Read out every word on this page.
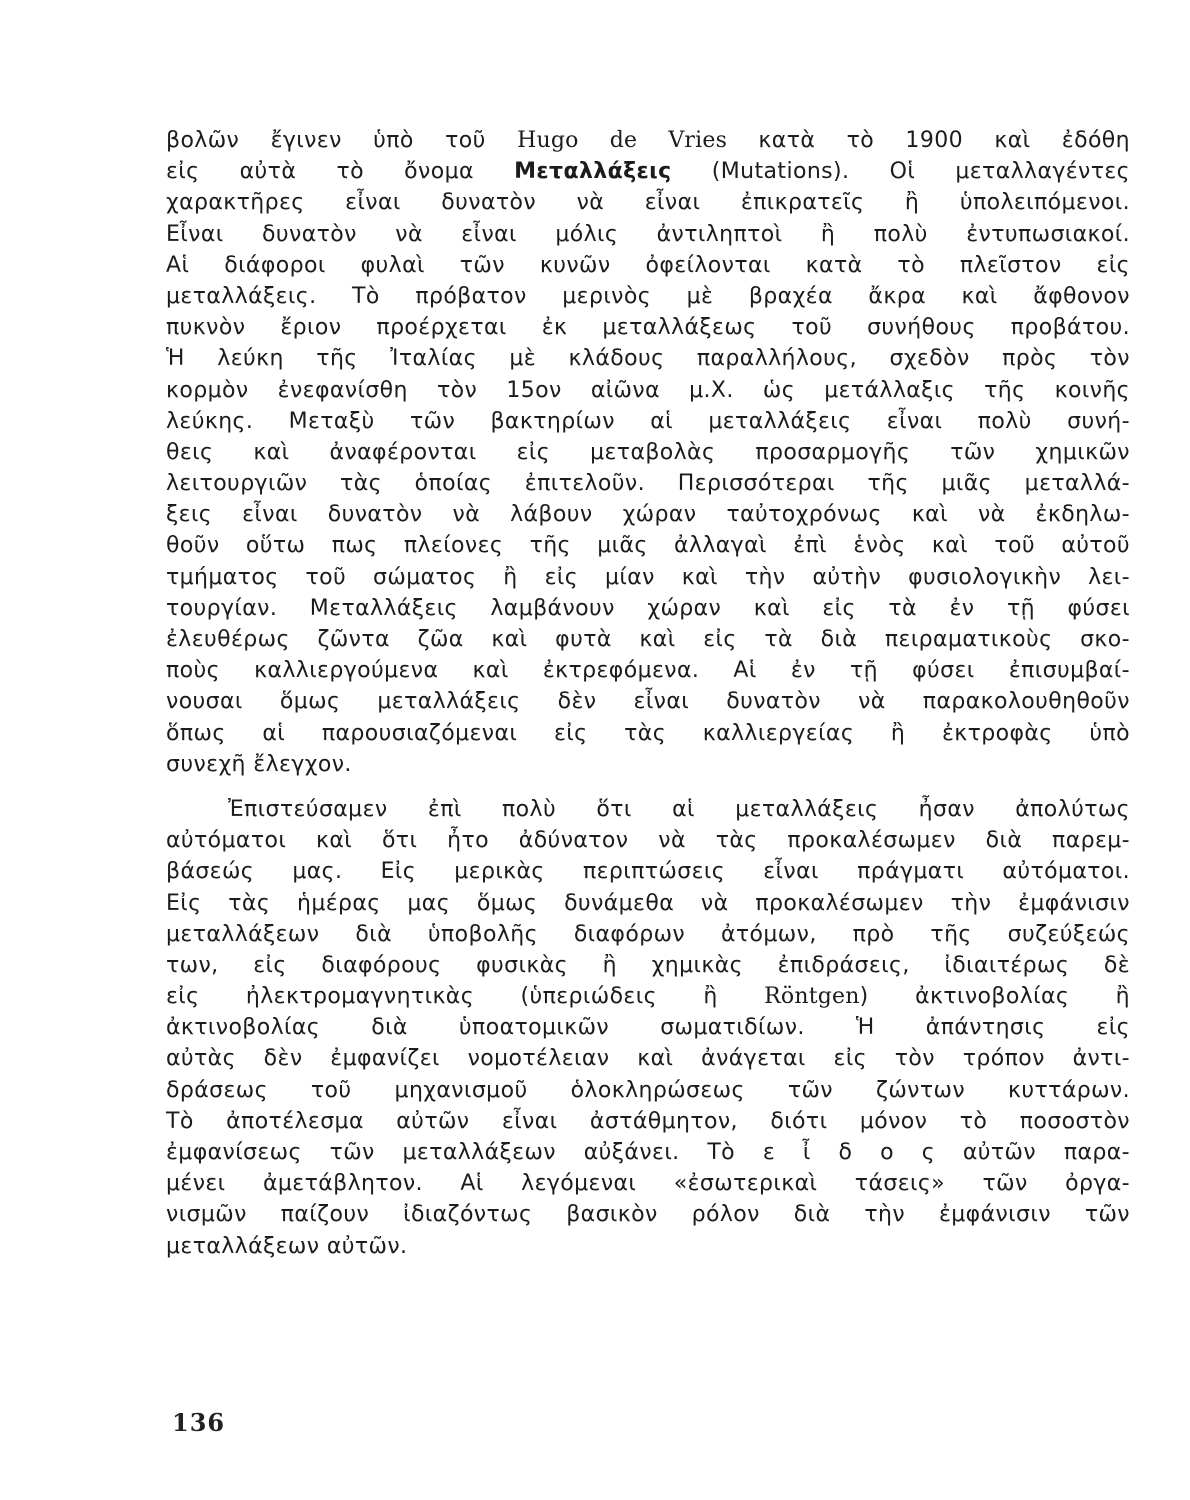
βολῶν ἔγινεν ὑπὸ τοῦ Hugo de Vries κατὰ τὸ 1900 καὶ ἐδόθη
εἰς αὐτὰ τὸ ὄνομα Μεταλλάξεις (Mutations). Οἱ μεταλλαγέντες
χαρακτῆρες εἶναι δυνατὸν νὰ εἶναι ἐπικρατεῖς ἢ ὑπολειπόμενοι.
Εἶναι δυνατὸν νὰ εἶναι μόλις ἀντιληπτοὶ ἢ πολὺ ἐντυπωσιακοί.
Αἱ διάφοροι φυλαὶ τῶν κυνῶν ὀφείλονται κατὰ τὸ πλεῖστον εἰς
μεταλλάξεις. Τὸ πρόβατον μερινὸς μὲ βραχέα ἄκρα καὶ ἄφθονον
πυκνὸν ἔριον προέρχεται ἐκ μεταλλάξεως τοῦ συνήθους προβάτου.
Ἡ λεύκη τῆς Ἰταλίας μὲ κλάδους παραλλήλους, σχεδὸν πρὸς τὸν
κορμὸν ἐνεφανίσθη τὸν 15ον αἰῶνα μ.Χ. ὡς μετάλλαξις τῆς κοινῆς
λεύκης. Μεταξὺ τῶν βακτηρίων αἱ μεταλλάξεις εἶναι πολὺ συνή-
θεις καὶ ἀναφέρονται εἰς μεταβολὰς προσαρμογῆς τῶν χημικῶν
λειτουργιῶν τὰς ὁποίας ἐπιτελοῦν. Περισσότεραι τῆς μιᾶς μεταλλά-
ξεις εἶναι δυνατὸν νὰ λάβουν χώραν ταὐτοχρόνως καὶ νὰ ἐκδηλω-
θοῦν οὕτω πως πλείονες τῆς μιᾶς ἀλλαγαὶ ἐπὶ ἑνὸς καὶ τοῦ αὐτοῦ
τμήματος τοῦ σώματος ἢ εἰς μίαν καὶ τὴν αὐτὴν φυσιολογικὴν λει-
τουργίαν. Μεταλλάξεις λαμβάνουν χώραν καὶ εἰς τὰ ἐν τῇ φύσει
ἐλευθέρως ζῶντα ζῶα καὶ φυτὰ καὶ εἰς τὰ διὰ πειραματικοὺς σκο-
ποὺς καλλιεργούμενα καὶ ἐκτρεφόμενα. Αἱ ἐν τῇ φύσει ἐπισυμβαί-
νουσαι ὅμως μεταλλάξεις δὲν εἶναι δυνατὸν νὰ παρακολουθηθοῦν
ὅπως αἱ παρουσιαζόμεναι εἰς τὰς καλλιεργείας ἢ ἐκτροφὰς ὑπὸ
συνεχῆ ἔλεγχον.
Ἐπιστεύσαμεν ἐπὶ πολὺ ὅτι αἱ μεταλλάξεις ἦσαν ἀπολύτως
αὐτόματοι καὶ ὅτι ἦτο ἀδύνατον νὰ τὰς προκαλέσωμεν διὰ παρεμ-
βάσεώς μας. Εἰς μερικὰς περιπτώσεις εἶναι πράγματι αὐτόματοι.
Εἰς τὰς ἡμέρας μας ὅμως δυνάμεθα νὰ προκαλέσωμεν τὴν ἐμφάνισιν
μεταλλάξεων διὰ ὑποβολῆς διαφόρων ἀτόμων, πρὸ τῆς συζεύξεώς
των, εἰς διαφόρους φυσικὰς ἢ χημικὰς ἐπιδράσεις, ἰδιαιτέρως δὲ
εἰς ἠλεκτρομαγνητικὰς (ὑπεριώδεις ἢ Röntgen) ἀκτινοβολίας ἢ
ἀκτινοβολίας διὰ ὑποατομικῶν σωματιδίων. Ἡ ἀπάντησις εἰς
αὐτὰς δὲν ἐμφανίζει νομοτέλειαν καὶ ἀνάγεται εἰς τὸν τρόπον ἀντι-
δράσεως τοῦ μηχανισμοῦ ὁλοκληρώσεως τῶν ζώντων κυττάρων.
Τὸ ἀποτέλεσμα αὐτῶν εἶναι ἀστάθμητον, διότι μόνον τὸ ποσοστὸν
ἐμφανίσεως τῶν μεταλλάξεων αὐξάνει. Τὸ ε ἶ δ ο ς αὐτῶν παρα-
μένει ἀμετάβλητον. Αἱ λεγόμεναι «ἐσωτερικαὶ τάσεις» τῶν ὀργα-
νισμῶν παίζουν ἰδιαζόντως βασικὸν ρόλον διὰ τὴν ἐμφάνισιν τῶν
μεταλλάξεων αὐτῶν.
136
